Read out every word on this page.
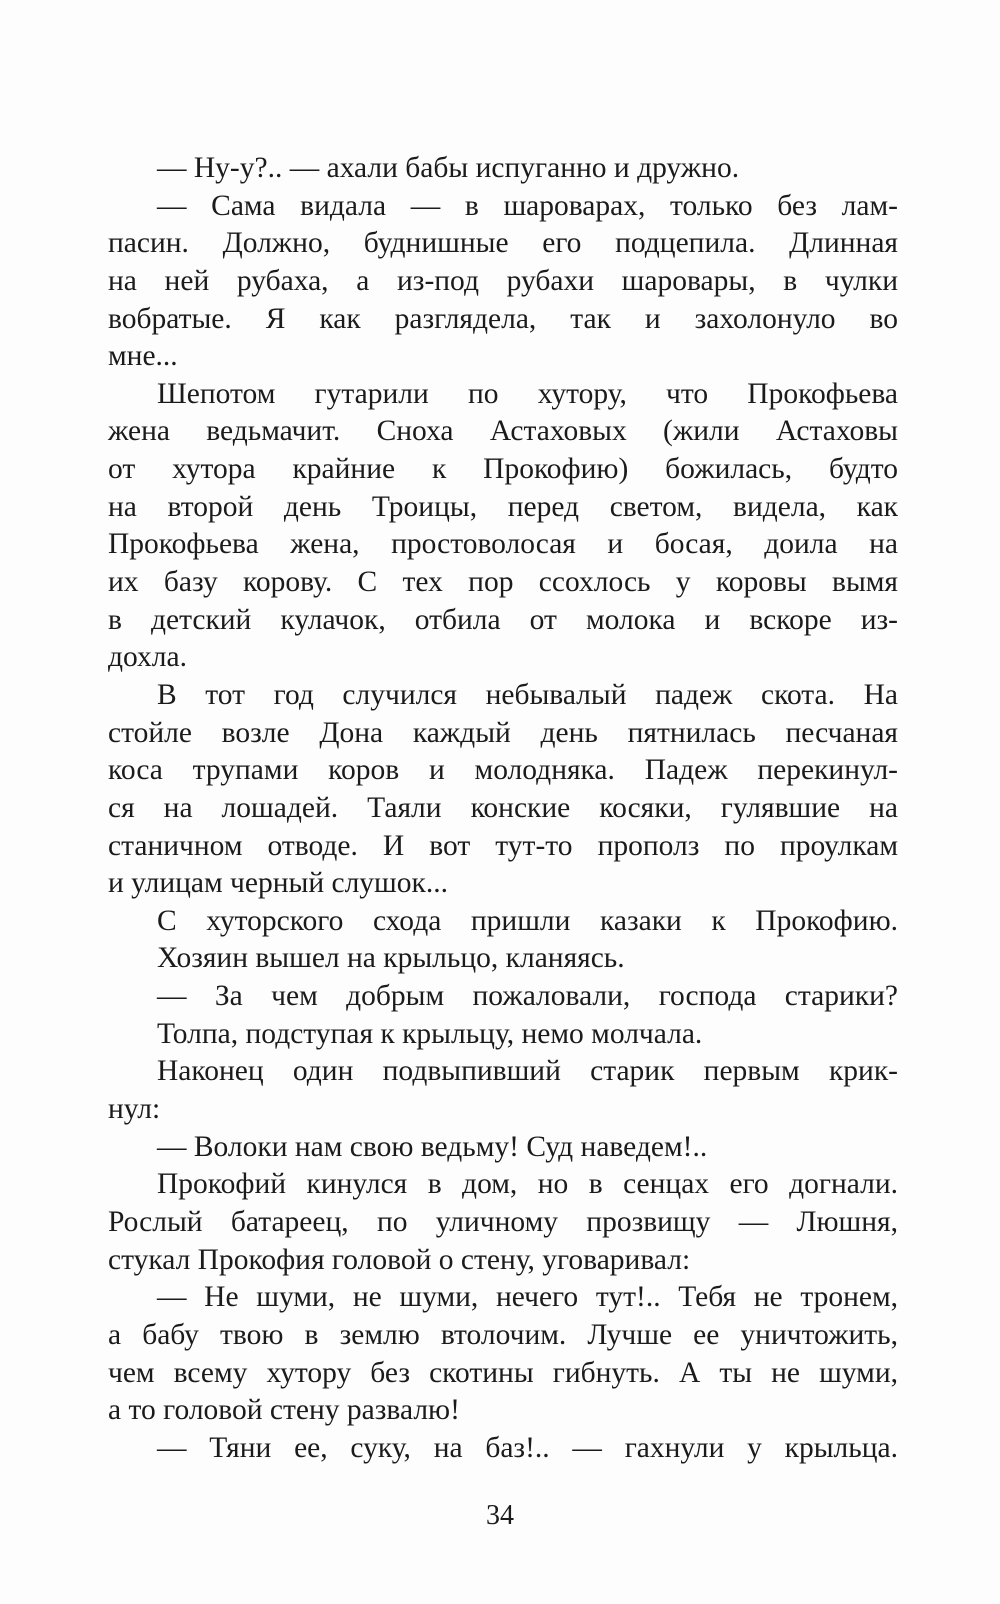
— Ну-у?.. — ахали бабы испуганно и дружно.
— Сама видала — в шароварах, только без лам-
пасин. Должно, буднишные его подцепила. Длинная
на ней рубаха, а из-под рубахи шаровары, в чулки
вобратые. Я как разглядела, так и захолонуло во
мне...
Шепотом гутарили по хутору, что Прокофьева
жена ведьмачит. Сноха Астаховых (жили Астаховы
от хутора крайние к Прокофию) божилась, будто
на второй день Троицы, перед светом, видела, как
Прокофьева жена, простоволосая и босая, доила на
их базу корову. С тех пор ссохлось у коровы вымя
в детский кулачок, отбила от молока и вскоре из-
дохла.
В тот год случился небывалый падеж скота. На
стойле возле Дона каждый день пятнилась песчаная
коса трупами коров и молодняка. Падеж перекинул-
ся на лошадей. Таяли конские косяки, гулявшие на
станичном отводе. И вот тут-то прополз по проулкам
и улицам черный слушок...
С хуторского схода пришли казаки к Прокофию.
Хозяин вышел на крыльцо, кланяясь.
— За чем добрым пожаловали, господа старики?
Толпа, подступая к крыльцу, немо молчала.
Наконец один подвыпивший старик первым крик-
нул:
— Волоки нам свою ведьму! Суд наведем!..
Прокофий кинулся в дом, но в сенцах его догнали.
Рослый батареец, по уличному прозвищу — Люшня,
стукал Прокофия головой о стену, уговаривал:
— Не шуми, не шуми, нечего тут!.. Тебя не тронем,
а бабу твою в землю втолочим. Лучше ее уничтожить,
чем всему хутору без скотины гибнуть. А ты не шуми,
а то головой стену развалю!
— Тяни ее, суку, на баз!.. — гахнули у крыльца.
34
